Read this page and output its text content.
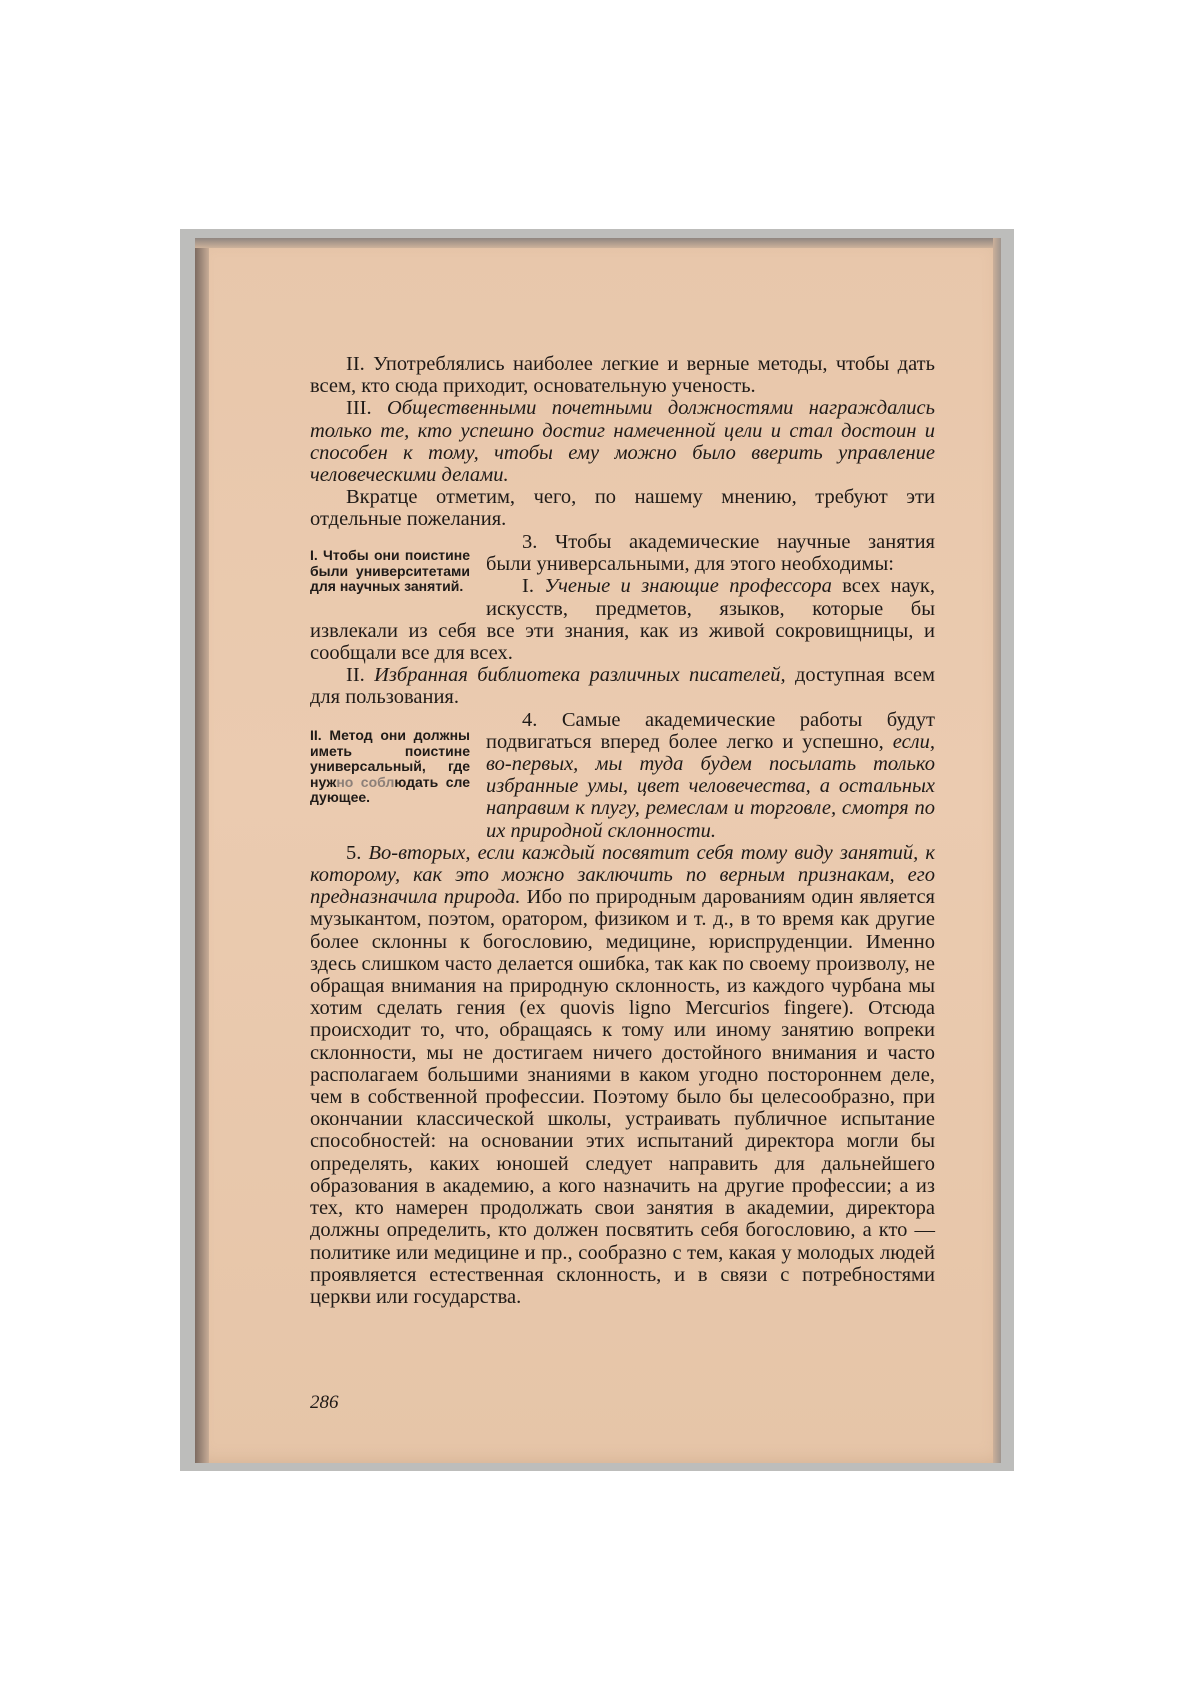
II. Употреблялись наиболее легкие и верные методы, чтобы дать всем, кто сюда приходит, основательную ученость.

III. Общественными почетными должностями награждались только те, кто успешно достиг намеченной цели и стал достоин и способен к тому, чтобы ему можно было вверить управление человеческими делами.

Вкратце отметим, чего, по нашему мнению, требуют эти отдельные пожелания.

3. Чтобы академические научные занятия были универсальными, для этого необходимы:

I. Ученые и знающие профессора всех наук, искусств, предметов, языков, которые бы извлекали из себя все эти знания, как из живой сокровищницы, и сообщали все для всех.

II. Избранная библиотека различных писателей, доступная всем для пользования.

4. Самые академические работы будут подвигаться вперед более легко и успешно, если, во-первых, мы туда будем посылать только избранные умы, цвет человечества, а остальных направим к плугу, ремеслам и торговле, смотря по их природной склонности.

5. Во-вторых, если каждый посвятит себя тому виду занятий, к которому, как это можно заключить по верным признакам, его предназначила природа. Ибо по природным дарованиям один является музыкантом, поэтом, оратором, физиком и т. д., в то время как другие более склонны к богословию, медицине, юриспруденции. Именно здесь слишком часто делается ошибка, так как по своему произволу, не обращая внимания на природную склонность, из каждого чурбана мы хотим сделать гения (ex quovis ligno Mercurios fingere). Отсюда происходит то, что, обращаясь к тому или иному занятию вопреки склонности, мы не достигаем ничего достойного внимания и часто располагаем большими знаниями в каком угодно постороннем деле, чем в собственной профессии. Поэтому было бы целесообразно, при окончании классической школы, устраивать публичное испытание способностей: на основании этих испытаний директора могли бы определять, каких юношей следует направить для дальнейшего образования в академию, а кого назначить на другие профессии; а из тех, кто намерен продолжать свои занятия в академии, директора должны определить, кто должен посвятить себя богословию, а кто — политике или медицине и пр., сообразно с тем, какая у молодых людей проявляется естественная склонность, и в связи с потребностями церкви или государства.

I. Чтобы они поистине были университетами для научных занятий.
II. Метод они должны иметь поистине универсальный, где нужно соблюдать сле дующее.
286
